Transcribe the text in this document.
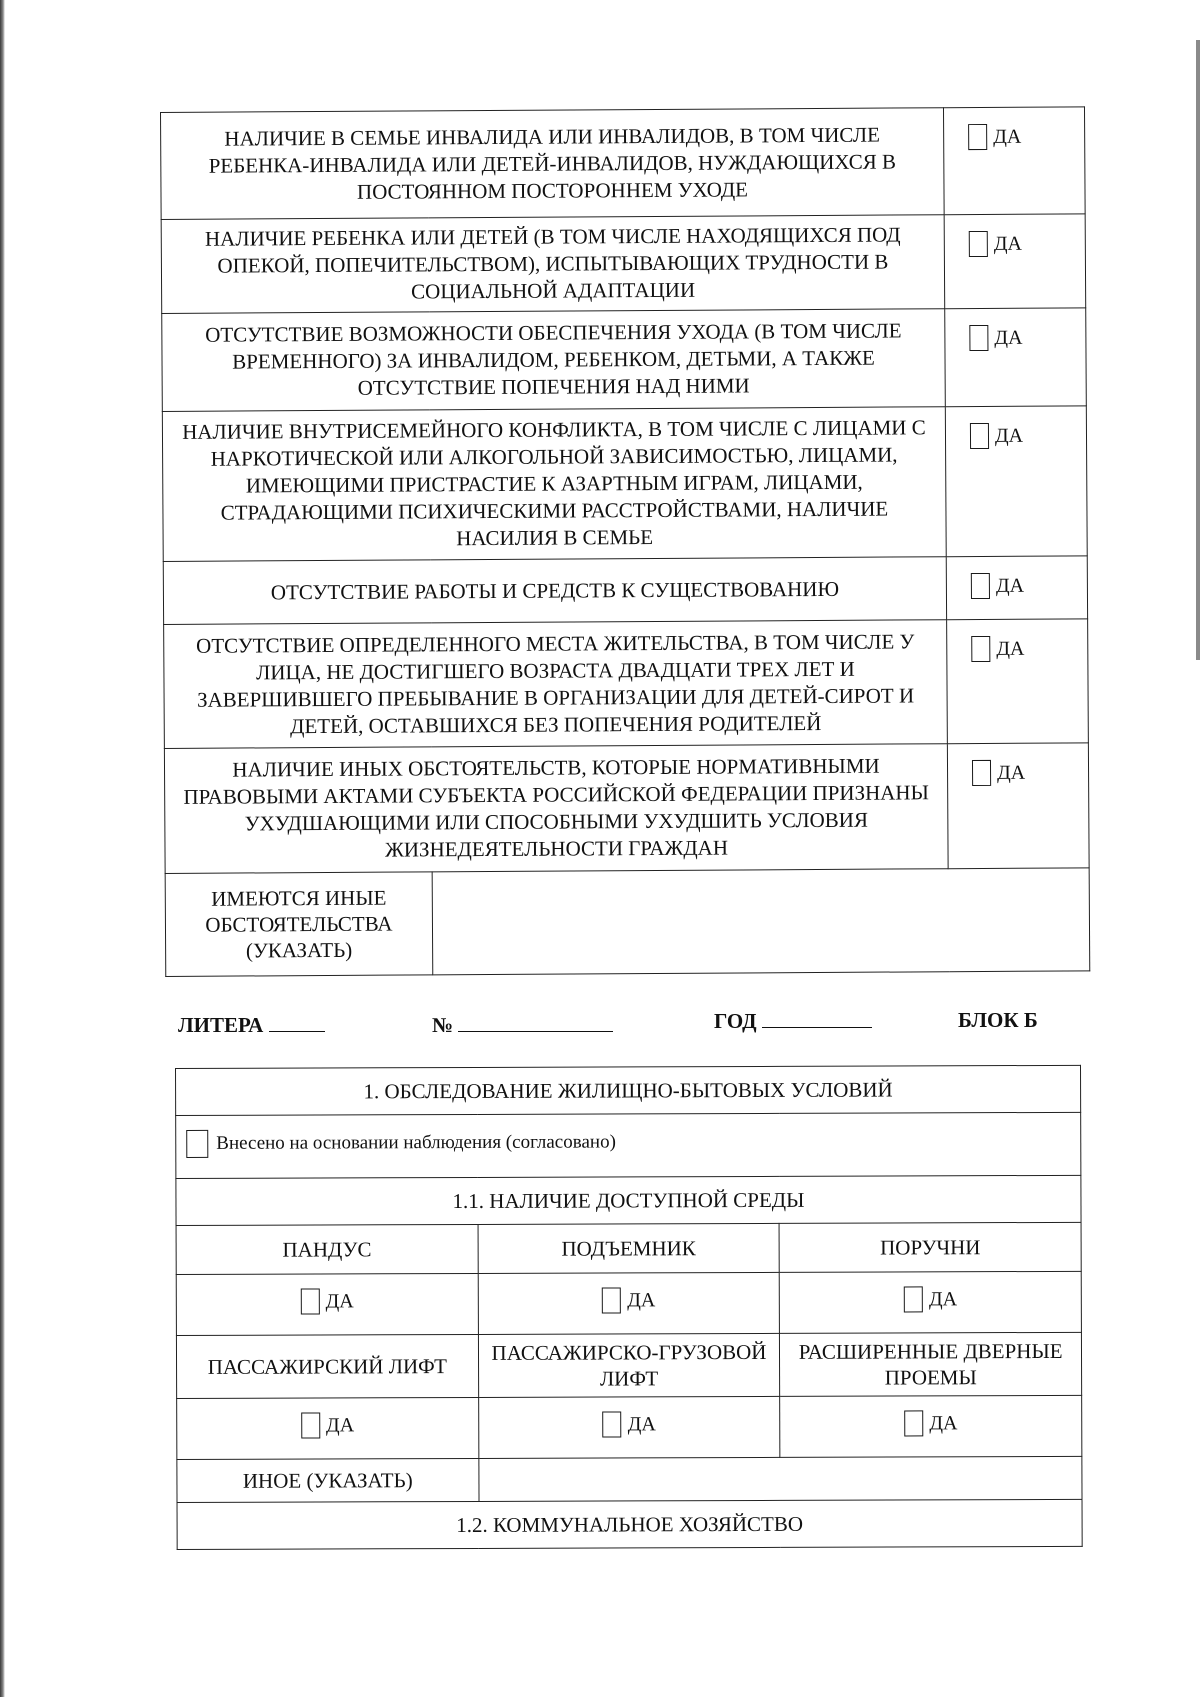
НАЛИЧИЕ В СЕМЬЕ ИНВАЛИДА ИЛИ ИНВАЛИДОВ, В ТОМ ЧИСЛЕ РЕБЕНКА-ИНВАЛИДА ИЛИ ДЕТЕЙ-ИНВАЛИДОВ, НУЖДАЮЩИХСЯ В ПОСТОЯННОМ ПОСТОРОННЕМ УХОДЕ		ДА

НАЛИЧИЕ РЕБЕНКА ИЛИ ДЕТЕЙ (В ТОМ ЧИСЛЕ НАХОДЯЩИХСЯ ПОД ОПЕКОЙ, ПОПЕЧИТЕЛЬСТВОМ), ИСПЫТЫВАЮЩИХ ТРУДНОСТИ В СОЦИАЛЬНОЙ АДАПТАЦИИ		ДА

ОТСУТСТВИЕ ВОЗМОЖНОСТИ ОБЕСПЕЧЕНИЯ УХОДА (В ТОМ ЧИСЛЕ ВРЕМЕННОГО) ЗА ИНВАЛИДОМ, РЕБЕНКОМ, ДЕТЬМИ, А ТАКЖЕ ОТСУТСТВИЕ ПОПЕЧЕНИЯ НАД НИМИ		ДА

НАЛИЧИЕ ВНУТРИСЕМЕЙНОГО КОНФЛИКТА, В ТОМ ЧИСЛЕ С ЛИЦАМИ С НАРКОТИЧЕСКОЙ ИЛИ АЛКОГОЛЬНОЙ ЗАВИСИМОСТЬЮ, ЛИЦАМИ, ИМЕЮЩИМИ ПРИСТРАСТИЕ К АЗАРТНЫМ ИГРАМ, ЛИЦАМИ, СТРАДАЮЩИМИ ПСИХИЧЕСКИМИ РАССТРОЙСТВАМИ, НАЛИЧИЕ НАСИЛИЯ В СЕМЬЕ		ДА

ОТСУТСТВИЕ РАБОТЫ И СРЕДСТВ К СУЩЕСТВОВАНИЮ		ДА

ОТСУТСТВИЕ ОПРЕДЕЛЕННОГО МЕСТА ЖИТЕЛЬСТВА, В ТОМ ЧИСЛЕ У ЛИЦА, НЕ ДОСТИГШЕГО ВОЗРАСТА ДВАДЦАТИ ТРЕХ ЛЕТ И ЗАВЕРШИВШЕГО ПРЕБЫВАНИЕ В ОРГАНИЗАЦИИ ДЛЯ ДЕТЕЙ-СИРОТ И ДЕТЕЙ, ОСТАВШИХСЯ БЕЗ ПОПЕЧЕНИЯ РОДИТЕЛЕЙ		ДА

НАЛИЧИЕ ИНЫХ ОБСТОЯТЕЛЬСТВ, КОТОРЫЕ НОРМАТИВНЫМИ ПРАВОВЫМИ АКТАМИ СУБЪЕКТА РОССИЙСКОЙ ФЕДЕРАЦИИ ПРИЗНАНЫ УХУДШАЮЩИМИ ИЛИ СПОСОБНЫМИ УХУДШИТЬ УСЛОВИЯ ЖИЗНЕДЕЯТЕЛЬНОСТИ ГРАЖДАН		ДА

ИМЕЮТСЯ ИНЫЕ ОБСТОЯТЕЛЬСТВА (УКАЗАТЬ)		
ЛИТЕРА	№	ГОД	БЛОК Б
1. ОБСЛЕДОВАНИЕ ЖИЛИЩНО-БЫТОВЫХ УСЛОВИЙ		

Внесено на основании наблюдения (согласовано)		

1.1. НАЛИЧИЕ ДОСТУПНОЙ СРЕДЫ		
ПАНДУС	ПОДЪЕМНИК	ПОРУЧНИ

ДА	ДА	ДА

ПАССАЖИРСКИЙ ЛИФТ	ПАССАЖИРСКО-ГРУЗОВОЙ ЛИФТ	РАСШИРЕННЫЕ ДВЕРНЫЕ ПРОЕМЫ

ДА	ДА	ДА

ИНОЕ (УКАЗАТЬ)		
1.2. КОММУНАЛЬНОЕ ХОЗЯЙСТВО		
